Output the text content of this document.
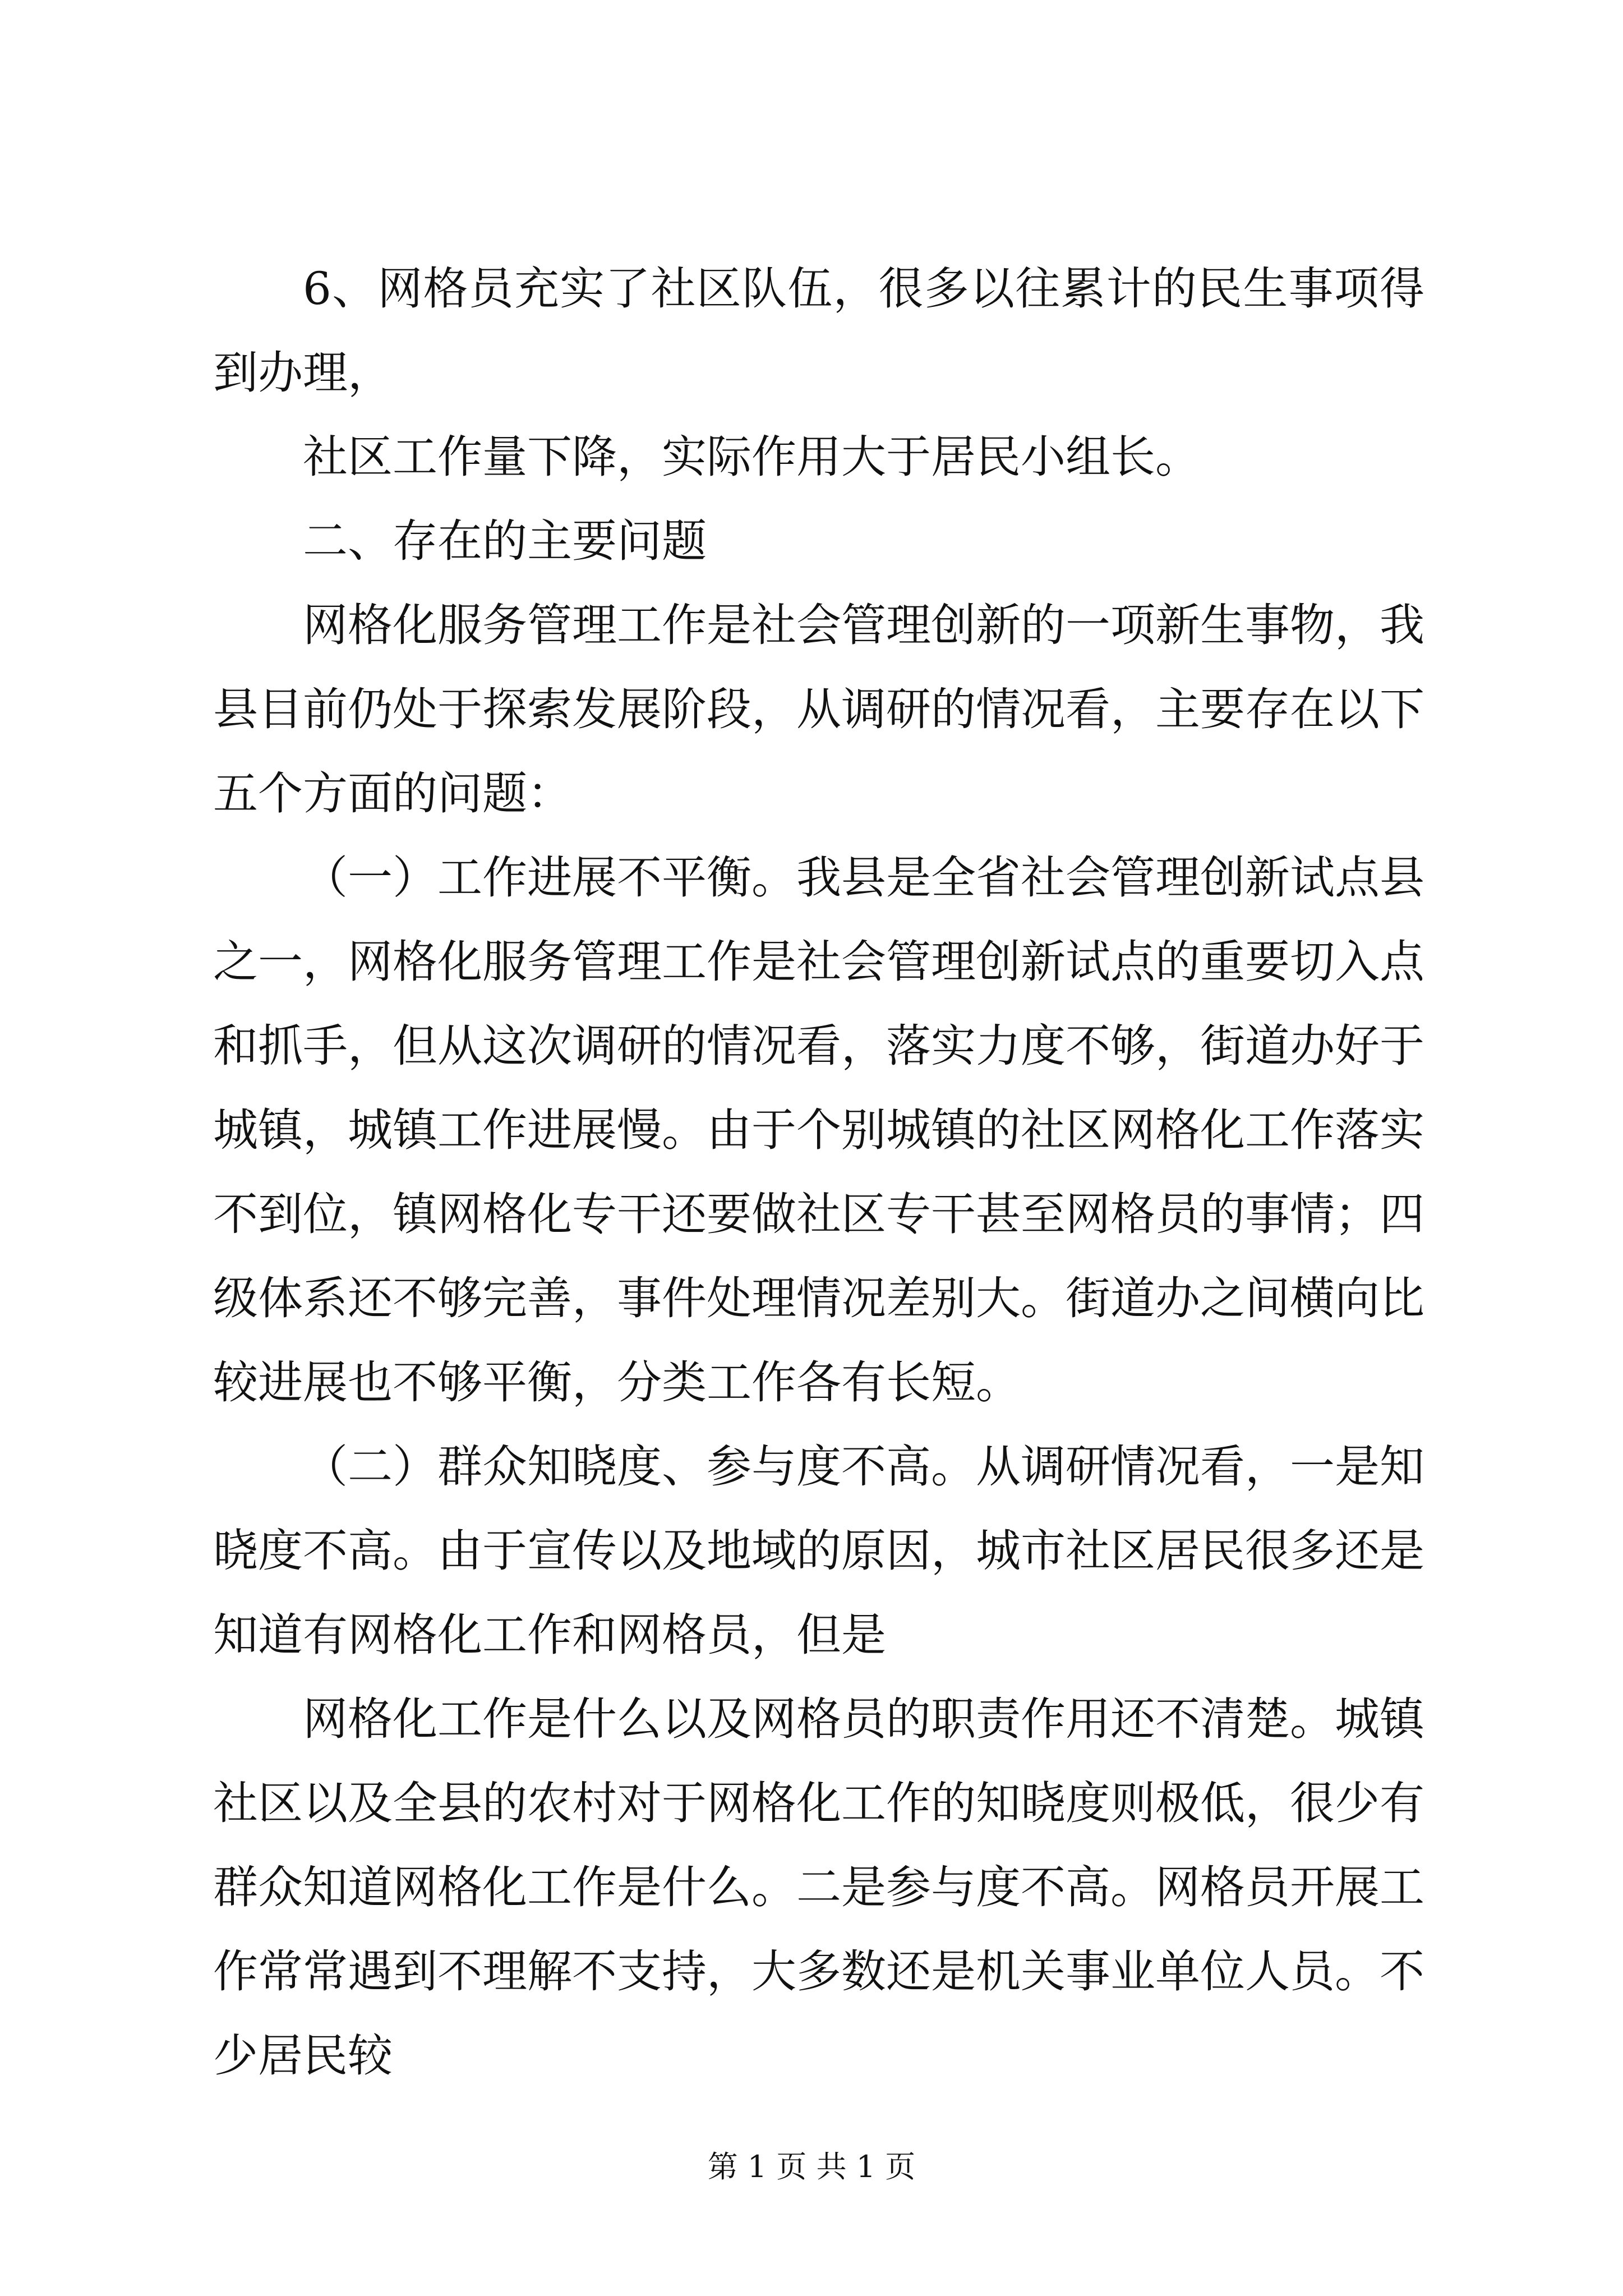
6、网格员充实了社区队伍，很多以往累计的民生事项得到办理，

社区工作量下降，实际作用大于居民小组长。

二、存在的主要问题

网格化服务管理工作是社会管理创新的一项新生事物，我县目前仍处于探索发展阶段，从调研的情况看，主要存在以下五个方面的问题：

（一）工作进展不平衡。我县是全省社会管理创新试点县之一，网格化服务管理工作是社会管理创新试点的重要切入点和抓手，但从这次调研的情况看，落实力度不够，街道办好于城镇，城镇工作进展慢。由于个别城镇的社区网格化工作落实不到位，镇网格化专干还要做社区专干甚至网格员的事情；四级体系还不够完善，事件处理情况差别大。街道办之间横向比较进展也不够平衡，分类工作各有长短。

（二）群众知晓度、参与度不高。从调研情况看，一是知晓度不高。由于宣传以及地域的原因，城市社区居民很多还是知道有网格化工作和网格员，但是

网格化工作是什么以及网格员的职责作用还不清楚。城镇社区以及全县的农村对于网格化工作的知晓度则极低，很少有群众知道网格化工作是什么。二是参与度不高。网格员开展工作常常遇到不理解不支持，大多数还是机关事业单位人员。不少居民较

第 1 页 共 1 页
